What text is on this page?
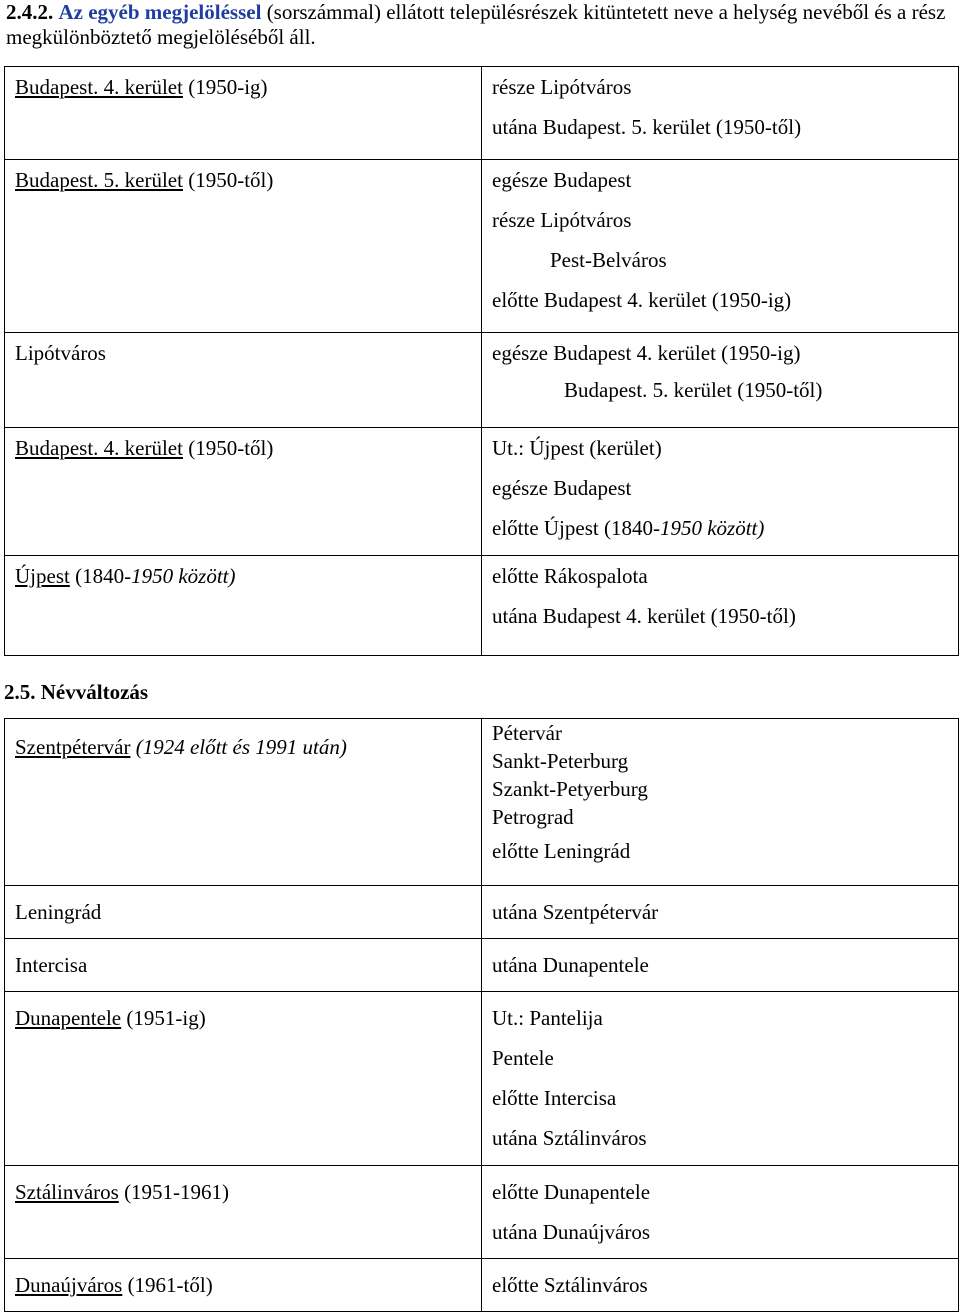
2.4.2. Az egyéb megjelöléssel (sorszámmal) ellátott településrészek kitüntetett neve a helység nevéből és a rész megkülönböztető megjelöléséből áll.
Budapest. 4. kerület (1950-ig)	része Lipótváros
utána Budapest. 5. kerület (1950-től)

Budapest. 5. kerület (1950-től)	egésze Budapest
része Lipótváros
Pest-Belváros
előtte Budapest 4. kerület (1950-ig)

Lipótváros	egésze Budapest 4. kerület (1950-ig)
Budapest. 5. kerület (1950-től)

Budapest. 4. kerület (1950-től)	Ut.: Újpest (kerület)
egésze Budapest
előtte Újpest (1840-1950 között)

Újpest (1840-1950 között)	előtte Rákospalota
utána Budapest 4. kerület (1950-től)
2.5. Névváltozás
Szentpétervár (1924 előtt és 1991 után)	Pétervár
Sankt-Peterburg
Szankt-Petyerburg
Petrograd
előtte Leningrád

Leningrád	utána Szentpétervár

Intercisa	utána Dunapentele

Dunapentele (1951-ig)	Ut.: Pantelija
Pentele
előtte Intercisa
utána Sztálinváros

Sztálinváros (1951-1961)	előtte Dunapentele
utána Dunaújváros

Dunaújváros (1961-től)	előtte Sztálinváros
